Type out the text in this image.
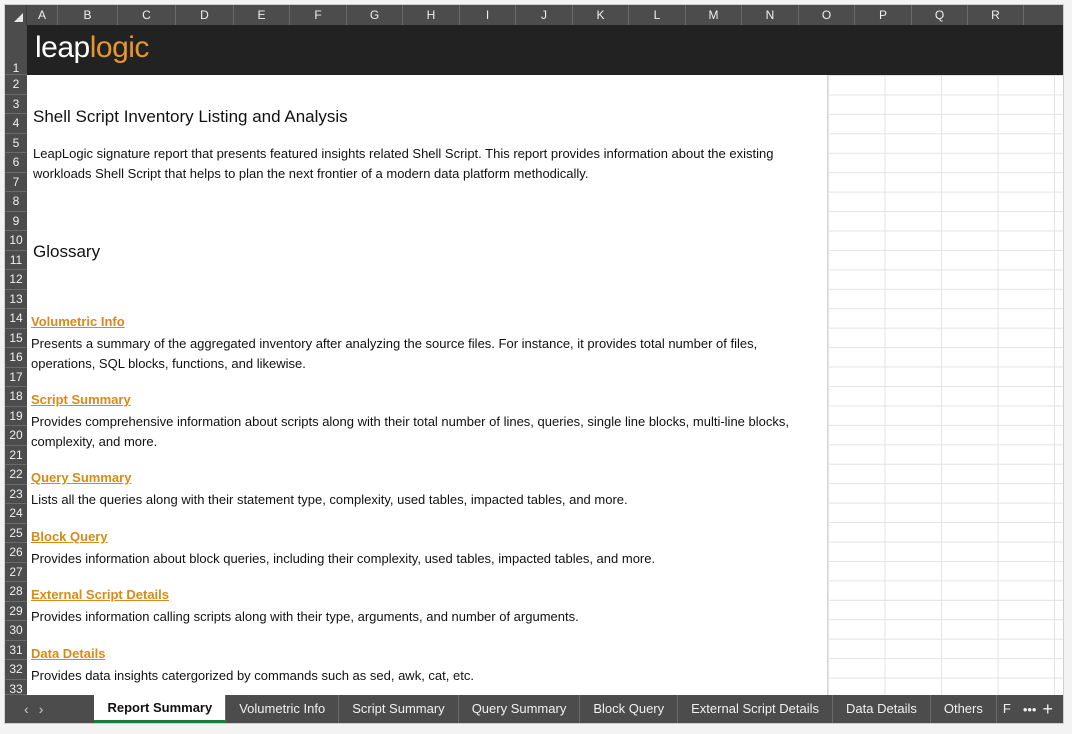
A	B	C	D	E	F	G	H	I	J	K	L	M	N	O	P	Q	R
1
2
3
4
5
6
7
8
9
10
11
12
13
14
15
16
17
18
19
20
21
22
23
24
25
26
27
28
29
30
31
32
33
leaplogic
Shell Script Inventory Listing and Analysis
LeapLogic signature report that presents featured insights related Shell Script. This report provides information about the existing workloads Shell Script that helps to plan the next frontier of a modern data platform methodically.
Glossary
Volumetric Info
Presents a summary of the aggregated inventory after analyzing the source files. For instance, it provides total number of files, operations, SQL blocks, functions, and likewise.
Script Summary
Provides comprehensive information about scripts along with their total number of lines, queries, single line blocks, multi-line blocks, complexity, and more.
Query Summary
Lists all the queries along with their statement type, complexity, used tables, impacted tables, and more.
Block Query
Provides information about block queries, including their complexity, used tables, impacted tables, and more.
External Script Details
Provides information calling scripts along with their type, arguments, and number of arguments.
Data Details
Provides data insights catergorized by commands such as sed, awk, cat, etc.
‹ ›	Report Summary	Volumetric Info	Script Summary	Query Summary	Block Query	External Script Details	Data Details	Others	F ••• +
